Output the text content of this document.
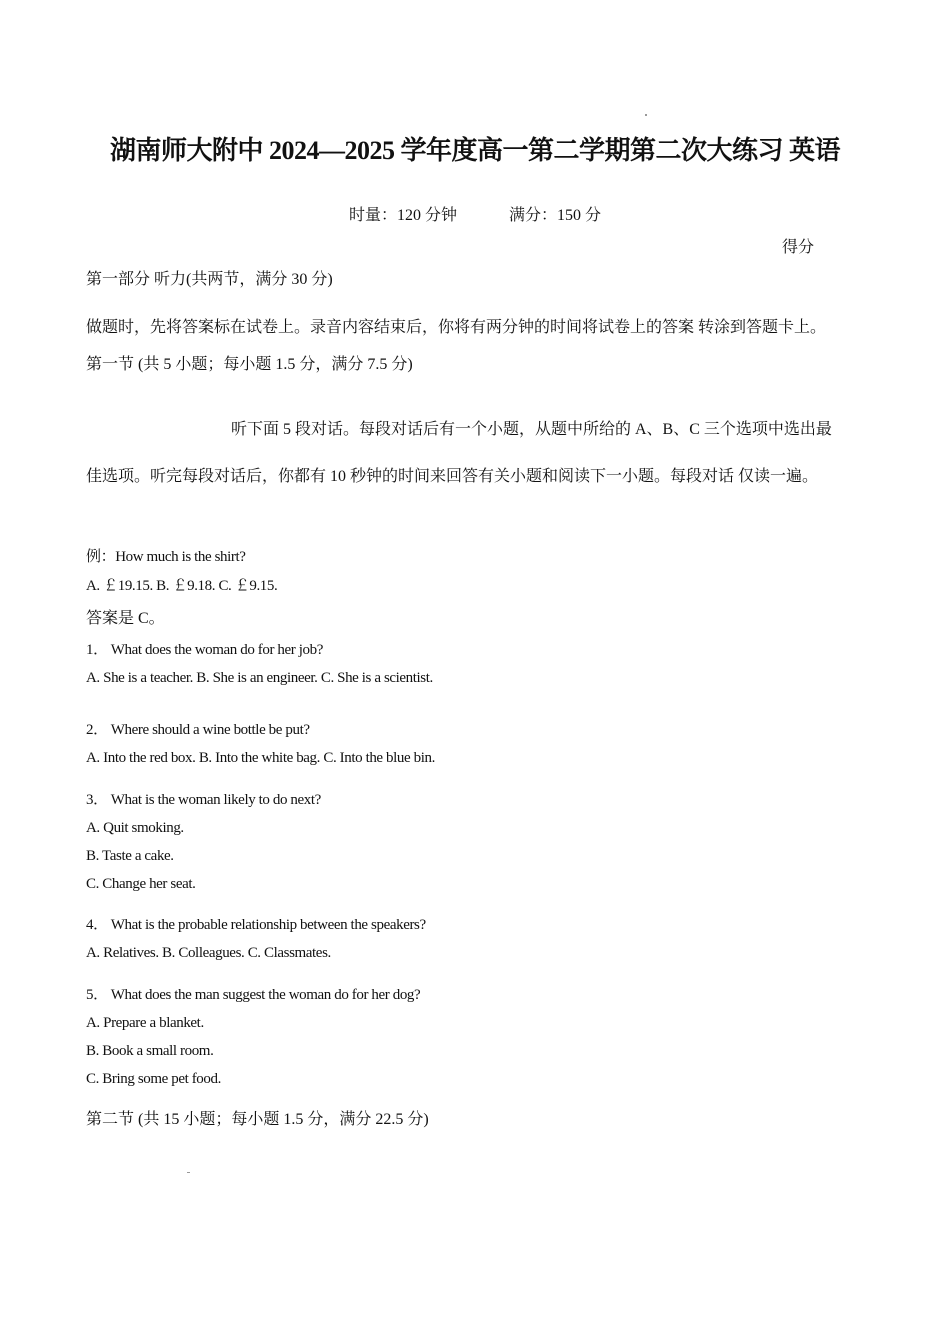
湖南师大附中 2024—2025 学年度高一第二学期第二次大练习 英语
时量：120 分钟	满分：150 分
得分
第一部分 听力(共两节，满分 30 分)
做题时，先将答案标在试卷上。录音内容结束后，你将有两分钟的时间将试卷上的答案 转涂到答题卡上。
第一节 (共 5 小题；每小题 1.5 分，满分 7.5 分)
听下面 5 段对话。每段对话后有一个小题，从题中所给的 A、B、C 三个选项中选出最
佳选项。听完每段对话后，你都有 10 秒钟的时间来回答有关小题和阅读下一小题。每段对话 仅读一遍。
例：How much is the shirt?
A. ￡19.15. B. ￡9.18. C. ￡9.15.
答案是 C。
1． What does the woman do for her job?
A. She is a teacher. B. She is an engineer. C. She is a scientist.
2． Where should a wine bottle be put?
A. Into the red box. B. Into the white bag. C. Into the blue bin.
3． What is the woman likely to do next?
A. Quit smoking.
B. Taste a cake.
C. Change her seat.
4． What is the probable relationship between the speakers?
A. Relatives. B. Colleagues. C. Classmates.
5． What does the man suggest the woman do for her dog?
A. Prepare a blanket.
B. Book a small room.
C. Bring some pet food.
第二节 (共 15 小题；每小题 1.5 分，满分 22.5 分)
